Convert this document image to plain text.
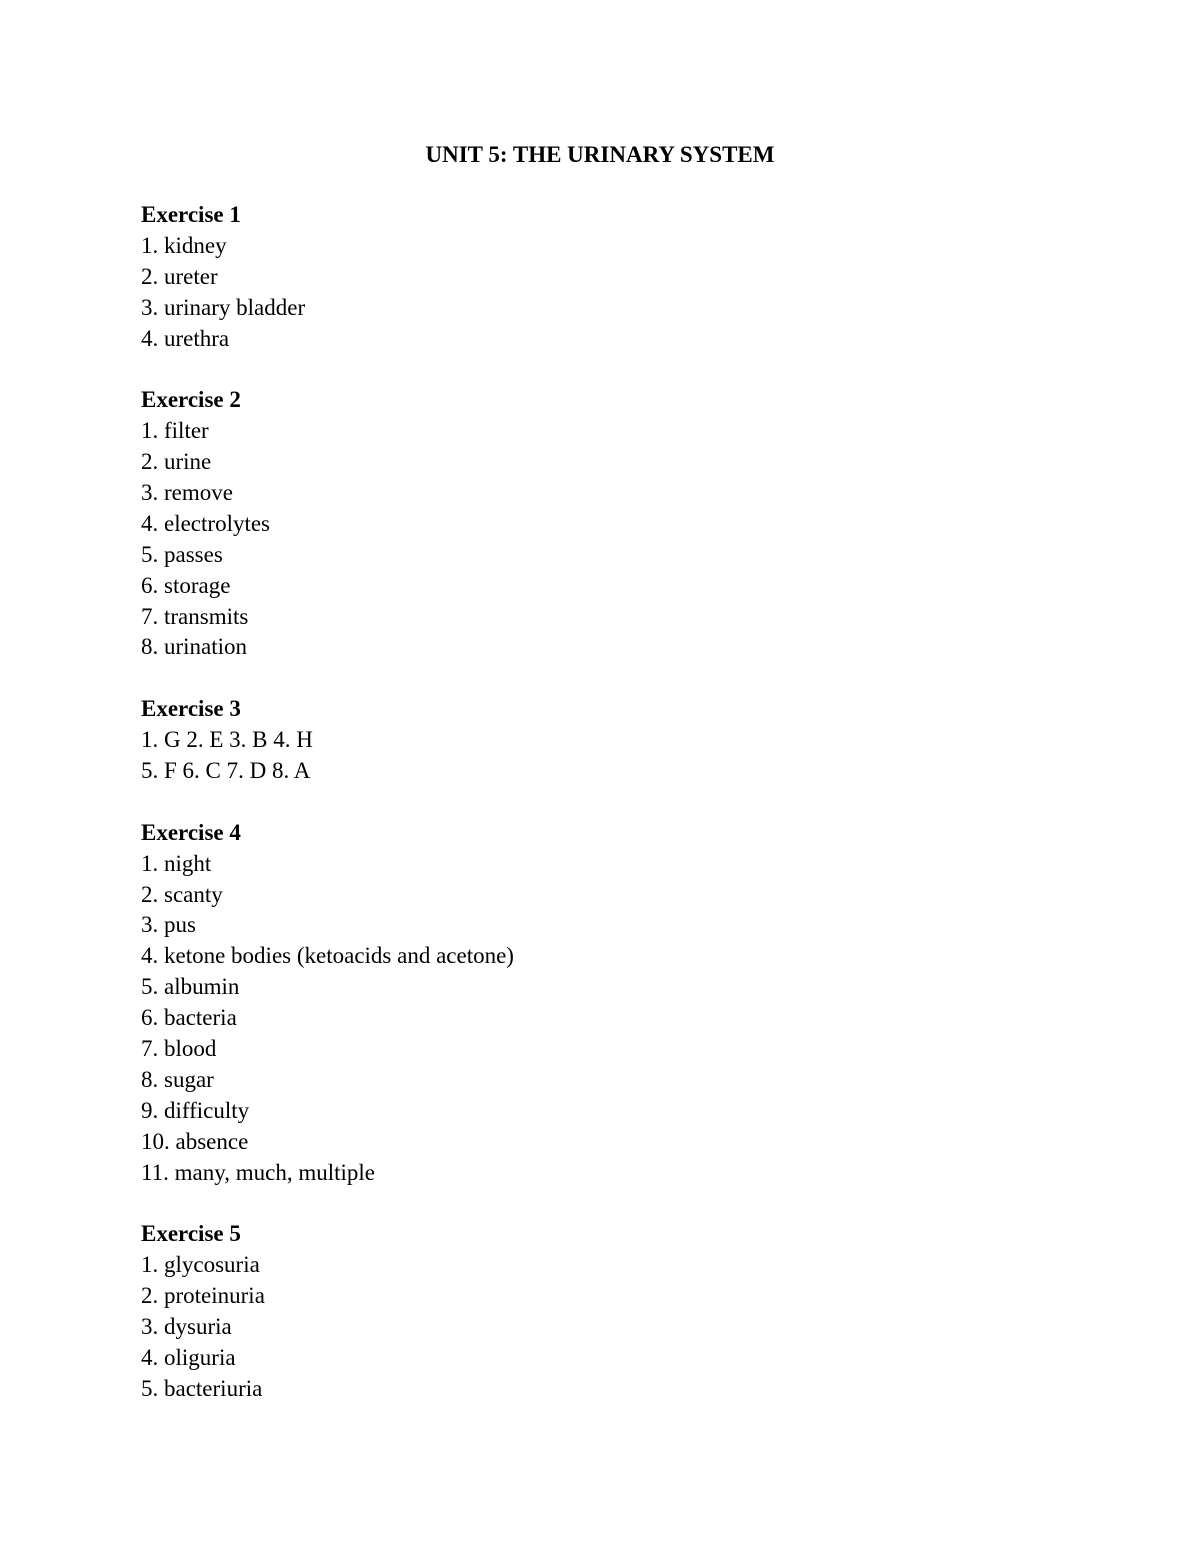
UNIT 5: THE URINARY SYSTEM
Exercise 1
1. kidney
2. ureter
3. urinary bladder
4. urethra
Exercise 2
1. filter
2. urine
3. remove
4. electrolytes
5. passes
6. storage
7. transmits
8. urination
Exercise 3
1. G 2. E 3. B 4. H
5. F 6. C 7. D 8. A
Exercise 4
1. night
2. scanty
3. pus
4. ketone bodies (ketoacids and acetone)
5. albumin
6. bacteria
7. blood
8. sugar
9. difficulty
10. absence
11. many, much, multiple
Exercise 5
1. glycosuria
2. proteinuria
3. dysuria
4. oliguria
5. bacteriuria
